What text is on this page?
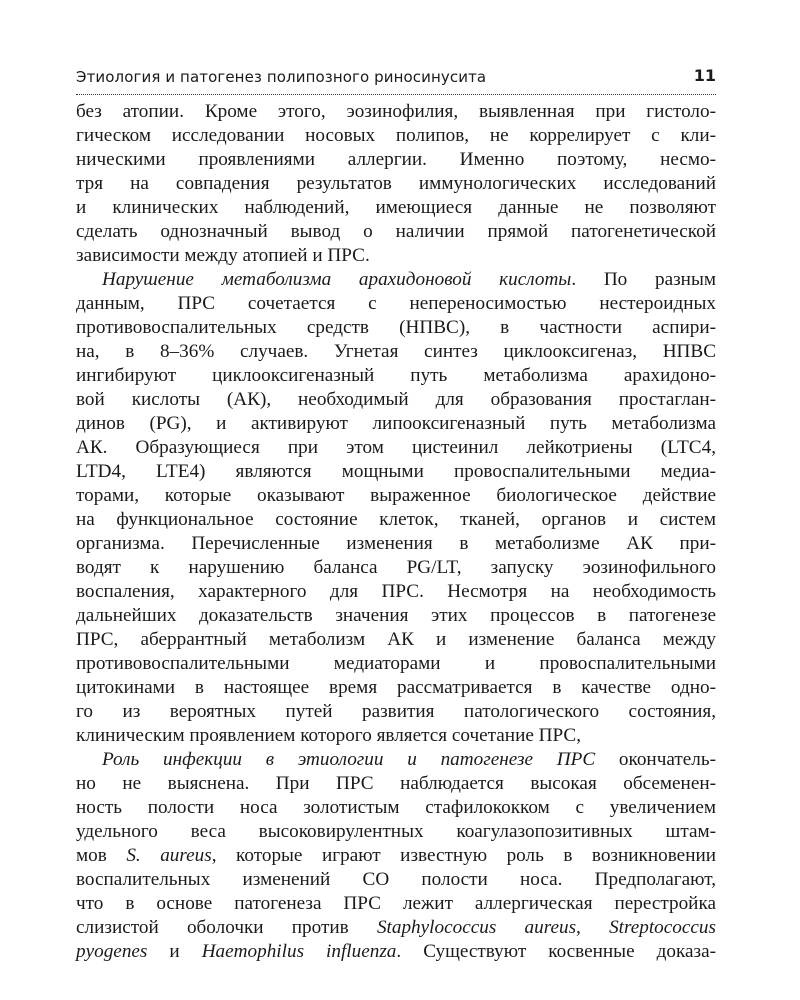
Этиология и патогенез полипозного риносинусита	11
без атопии. Кроме этого, эозинофилия, выявленная при гистоло-
гическом исследовании носовых полипов, не коррелирует с кли-
ническими проявлениями аллергии. Именно поэтому, несмо-
тря на совпадения результатов иммунологических исследований
и клинических наблюдений, имеющиеся данные не позволяют
сделать однозначный вывод о наличии прямой патогенетической
зависимости между атопией и ПРС.
Нарушение метаболизма арахидоновой кислоты. По разным
данным, ПРС сочетается с непереносимостью нестероидных
противовоспалительных средств (НПВС), в частности аспири-
на, в 8–36% случаев. Угнетая синтез циклооксигеназ, НПВС
ингибируют циклооксигеназный путь метаболизма арахидоно-
вой кислоты (АК), необходимый для образования простаглан-
динов (PG), и активируют липооксигеназный путь метаболизма
АК. Образующиеся при этом цистеинил лейкотриены (LTC4,
LTD4, LTE4) являются мощными провоспалительными медиа-
торами, которые оказывают выраженное биологическое действие
на функциональное состояние клеток, тканей, органов и систем
организма. Перечисленные изменения в метаболизме АК при-
водят к нарушению баланса PG/LT, запуску эозинофильного
воспаления, характерного для ПРС. Несмотря на необходимость
дальнейших доказательств значения этих процессов в патогенезе
ПРС, аберрантный метаболизм АК и изменение баланса между
противовоспалительными медиаторами и провоспалительными
цитокинами в настоящее время рассматривается в качестве одно-
го из вероятных путей развития патологического состояния,
клиническим проявлением которого является сочетание ПРС,
Роль инфекции в этиологии и патогенезе ПРС окончатель-
но не выяснена. При ПРС наблюдается высокая обсеменен-
ность полости носа золотистым стафилококком с увеличением
удельного веса высоковирулентных коагулазопозитивных штам-
мов S. aureus, которые играют известную роль в возникновении
воспалительных изменений СО полости носа. Предполагают,
что в основе патогенеза ПРС лежит аллергическая перестройка
слизистой оболочки против Staphylococcus aureus, Streptococcus
pyogenes и Haemophilus influenza. Существуют косвенные доказа-
